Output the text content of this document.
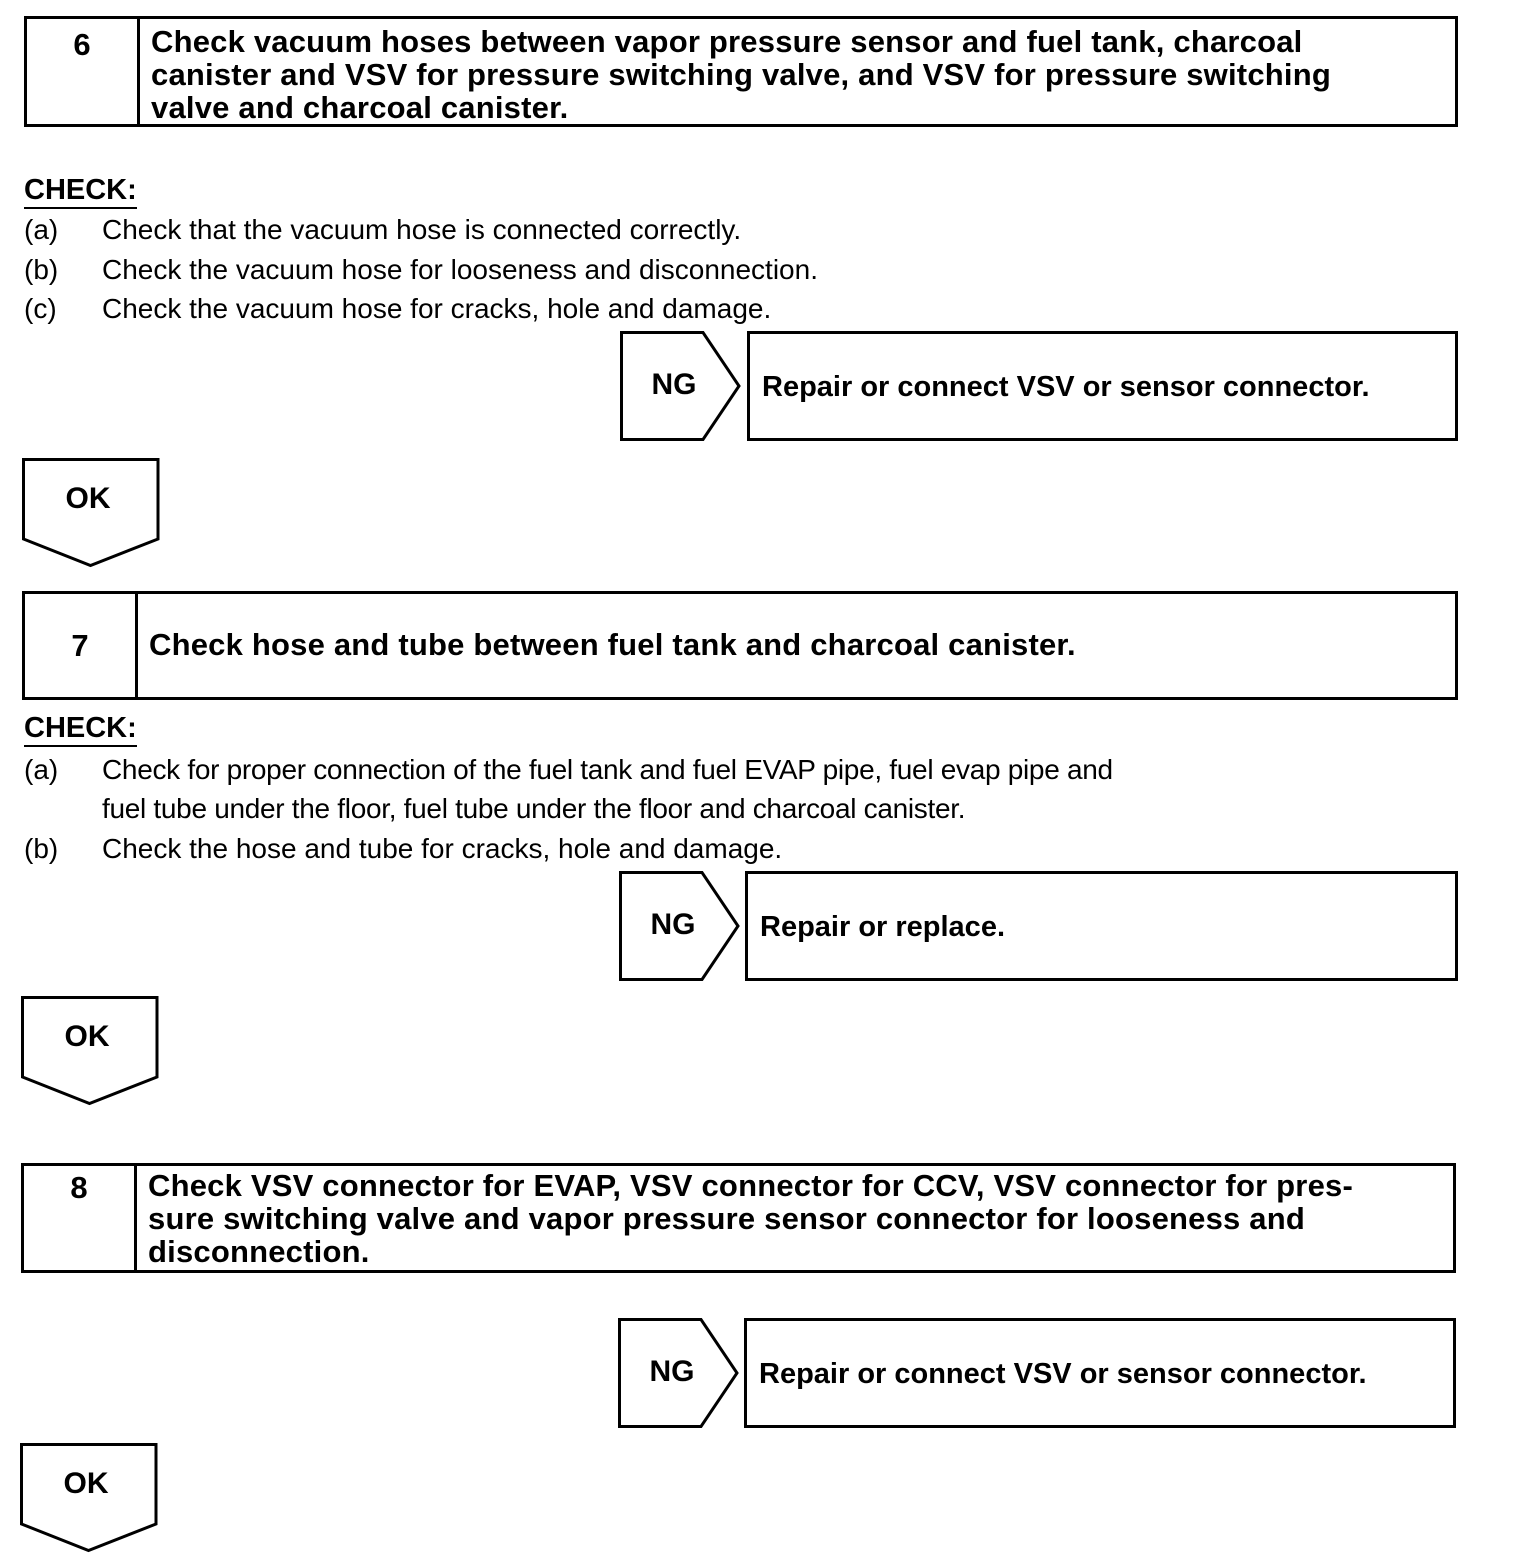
6	Check vacuum hoses between vapor pressure sensor and fuel tank, charcoal
canister and VSV for pressure switching valve, and VSV for pressure switching
valve and charcoal canister.
CHECK:
(a) Check that the vacuum hose is connected correctly.
(b) Check the vacuum hose for looseness and disconnection.
(c) Check the vacuum hose for cracks, hole and damage.
NG	Repair or connect VSV or sensor connector.
OK
7	Check hose and tube between fuel tank and charcoal canister.
CHECK:
(a) Check for proper connection of the fuel tank and fuel EVAP pipe, fuel evap pipe and
fuel tube under the floor, fuel tube under the floor and charcoal canister.
(b) Check the hose and tube for cracks, hole and damage.
NG	Repair or replace.
OK
8	Check VSV connector for EVAP, VSV connector for CCV, VSV connector for pres-
sure switching valve and vapor pressure sensor connector for looseness and
disconnection.
NG	Repair or connect VSV or sensor connector.
OK
